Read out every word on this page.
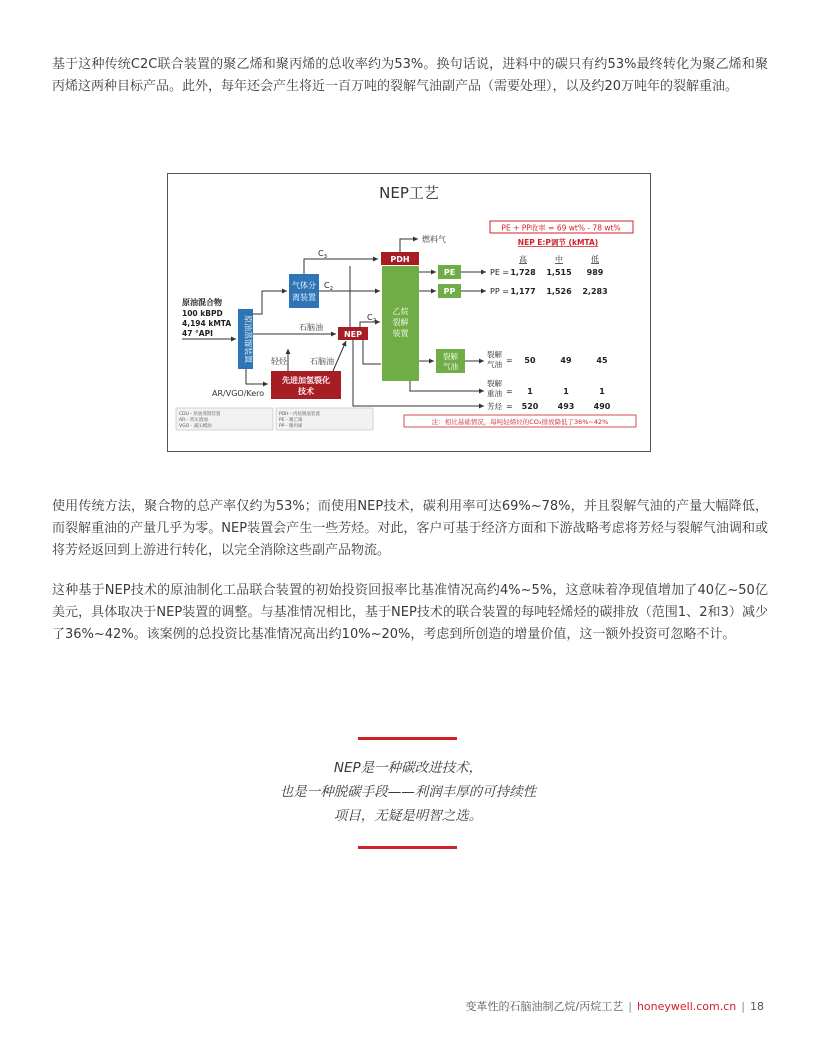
基于这种传统C2C联合装置的聚乙烯和聚丙烯的总收率约为53%。换句话说，进料中的碳只有约53%最终转化为聚乙烯和聚丙烯这两种目标产品。此外，每年还会产生将近一百万吨的裂解气油副产品（需要处理），以及约20万吨年的裂解重油。

NEP工艺
PE + PP收率 = 69 wt% - 78 wt%
NEP E:P调节 (kMTA)
高	中	低
原油混合物
100 kBPD
4,194 kMTA
47 °API	原油蒸馏装置
气体分
离装置
$C_3$
$C_2$
石脑油
轻烃	石脑油
AR/VGO/Kero
先进加氢裂化
技术
NEP
$C_2$
PDH
燃料气
乙烷
裂解
装置
PE
PP
裂解
气油
PE = 1,728 1,515 989
PP = 1,177 1,526 2,283
裂解
气油 = 50	49	45
裂解
重油 = 1	1	1
芳烃 = 520 493 490
CDU - 原油蒸馏装置
AR - 常压渣油
VGO - 减压蜡油
PDH - 丙烷脱氢装置
PE - 聚乙烯
PP - 聚丙烯
注：相比基础情况，每吨轻烯烃的CO₂排放降低了36%~42%

使用传统方法，聚合物的总产率仅约为53%；而使用NEP技术，碳利用率可达69%~78%，并且裂解气油的产量大幅降低，而裂解重油的产量几乎为零。NEP装置会产生一些芳烃。对此，客户可基于经济方面和下游战略考虑将芳烃与裂解气油调和或将芳烃返回到上游进行转化，以完全消除这些副产品物流。

这种基于NEP技术的原油制化工品联合装置的初始投资回报率比基准情况高约4%~5%，这意味着净现值增加了40亿~50亿美元，具体取决于NEP装置的调整。与基准情况相比，基于NEP技术的联合装置的每吨轻烯烃的碳排放（范围1、2和3）减少了36%~42%。该案例的总投资比基准情况高出约10%~20%，考虑到所创造的增量价值，这一额外投资可忽略不计。

NEP是一种碳改进技术，

也是一种脱碳手段——利润丰厚的可持续性

项目，无疑是明智之选。

变革性的石脑油制乙烷/丙烷工艺 | honeywell.com.cn | 18
